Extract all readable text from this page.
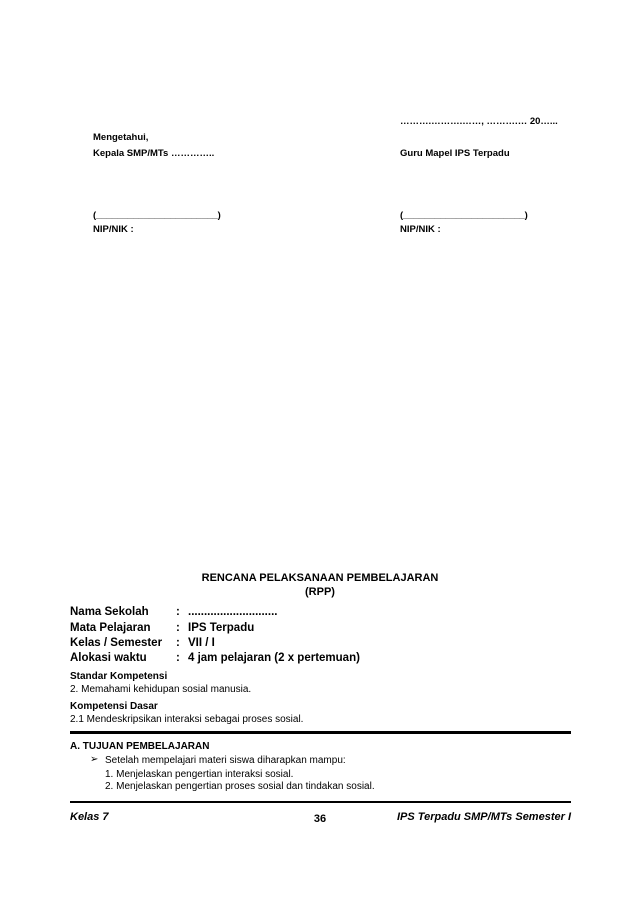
……….……….……, ……….… 20…...
Mengetahui,
Kepala SMP/MTs …………..	Guru Mapel IPS Terpadu
(_______________________)	(_______________________)
NIP/NIK :	NIP/NIK :
RENCANA PELAKSANAAN PEMBELAJARAN
(RPP)
Nama Sekolah	: ............................
Mata Pelajaran	: IPS Terpadu
Kelas / Semester	: VII / I
Alokasi waktu	: 4 jam pelajaran (2 x pertemuan)
Standar Kompetensi
2. Memahami kehidupan sosial manusia.
Kompetensi Dasar
2.1 Mendeskripsikan interaksi sebagai proses sosial.
A. TUJUAN PEMBELAJARAN
➢ Setelah mempelajari materi siswa diharapkan mampu:
1. Menjelaskan pengertian interaksi sosial.
2. Menjelaskan pengertian proses sosial dan tindakan sosial.
Kelas 7	36	IPS Terpadu SMP/MTs Semester I
